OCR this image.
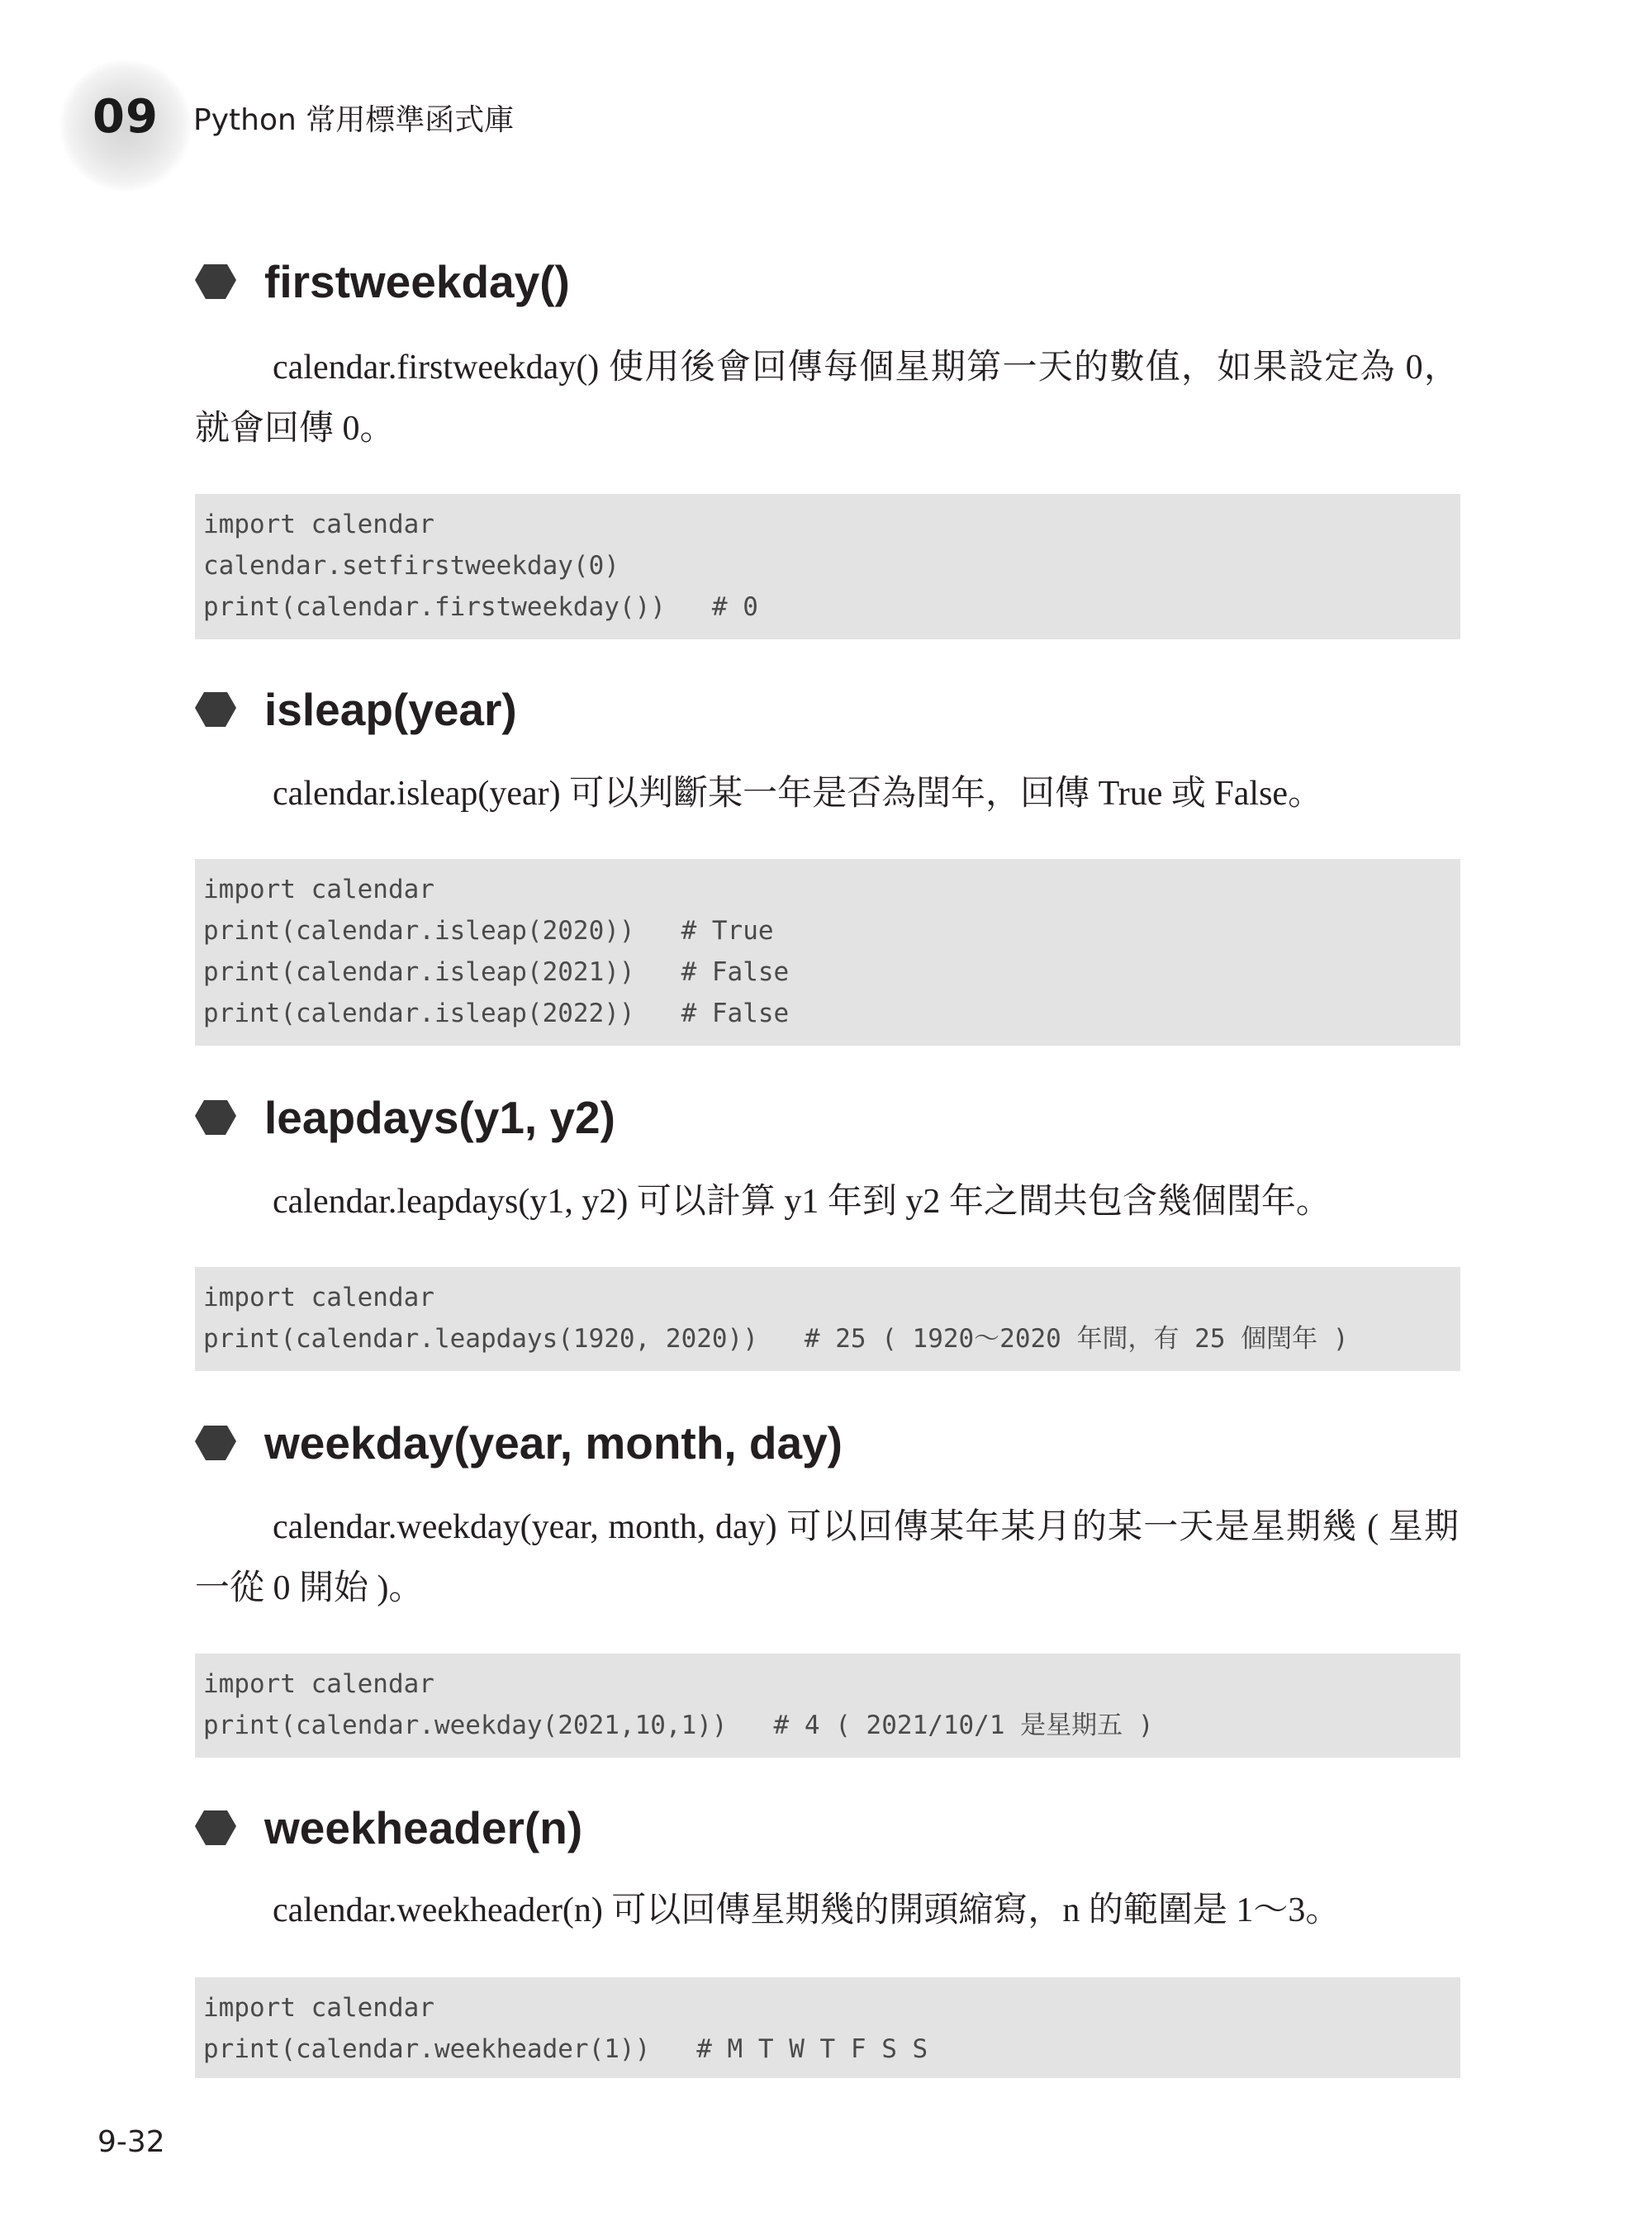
09 Python 常用標準函式庫
firstweekday()

calendar.firstweekday() 使用後會回傳每個星期第一天的數值，如果設定為 0，就會回傳 0。

import calendar
calendar.setfirstweekday(0)
print(calendar.firstweekday())   # 0
isleap(year)

calendar.isleap(year) 可以判斷某一年是否為閏年，回傳 True 或 False。

import calendar
print(calendar.isleap(2020))   # True
print(calendar.isleap(2021))   # False
print(calendar.isleap(2022))   # False
leapdays(y1, y2)

calendar.leapdays(y1, y2) 可以計算 y1 年到 y2 年之間共包含幾個閏年。

import calendar
print(calendar.leapdays(1920, 2020))   # 25 ( 1920～2020 年間，有 25 個閏年 )
weekday(year, month, day)

calendar.weekday(year, month, day) 可以回傳某年某月的某一天是星期幾 ( 星期一從 0 開始 )。

import calendar
print(calendar.weekday(2021,10,1))   # 4 ( 2021/10/1 是星期五 )
weekheader(n)

calendar.weekheader(n) 可以回傳星期幾的開頭縮寫，n 的範圍是 1～3。

import calendar
print(calendar.weekheader(1))   # M T W T F S S
9-32
